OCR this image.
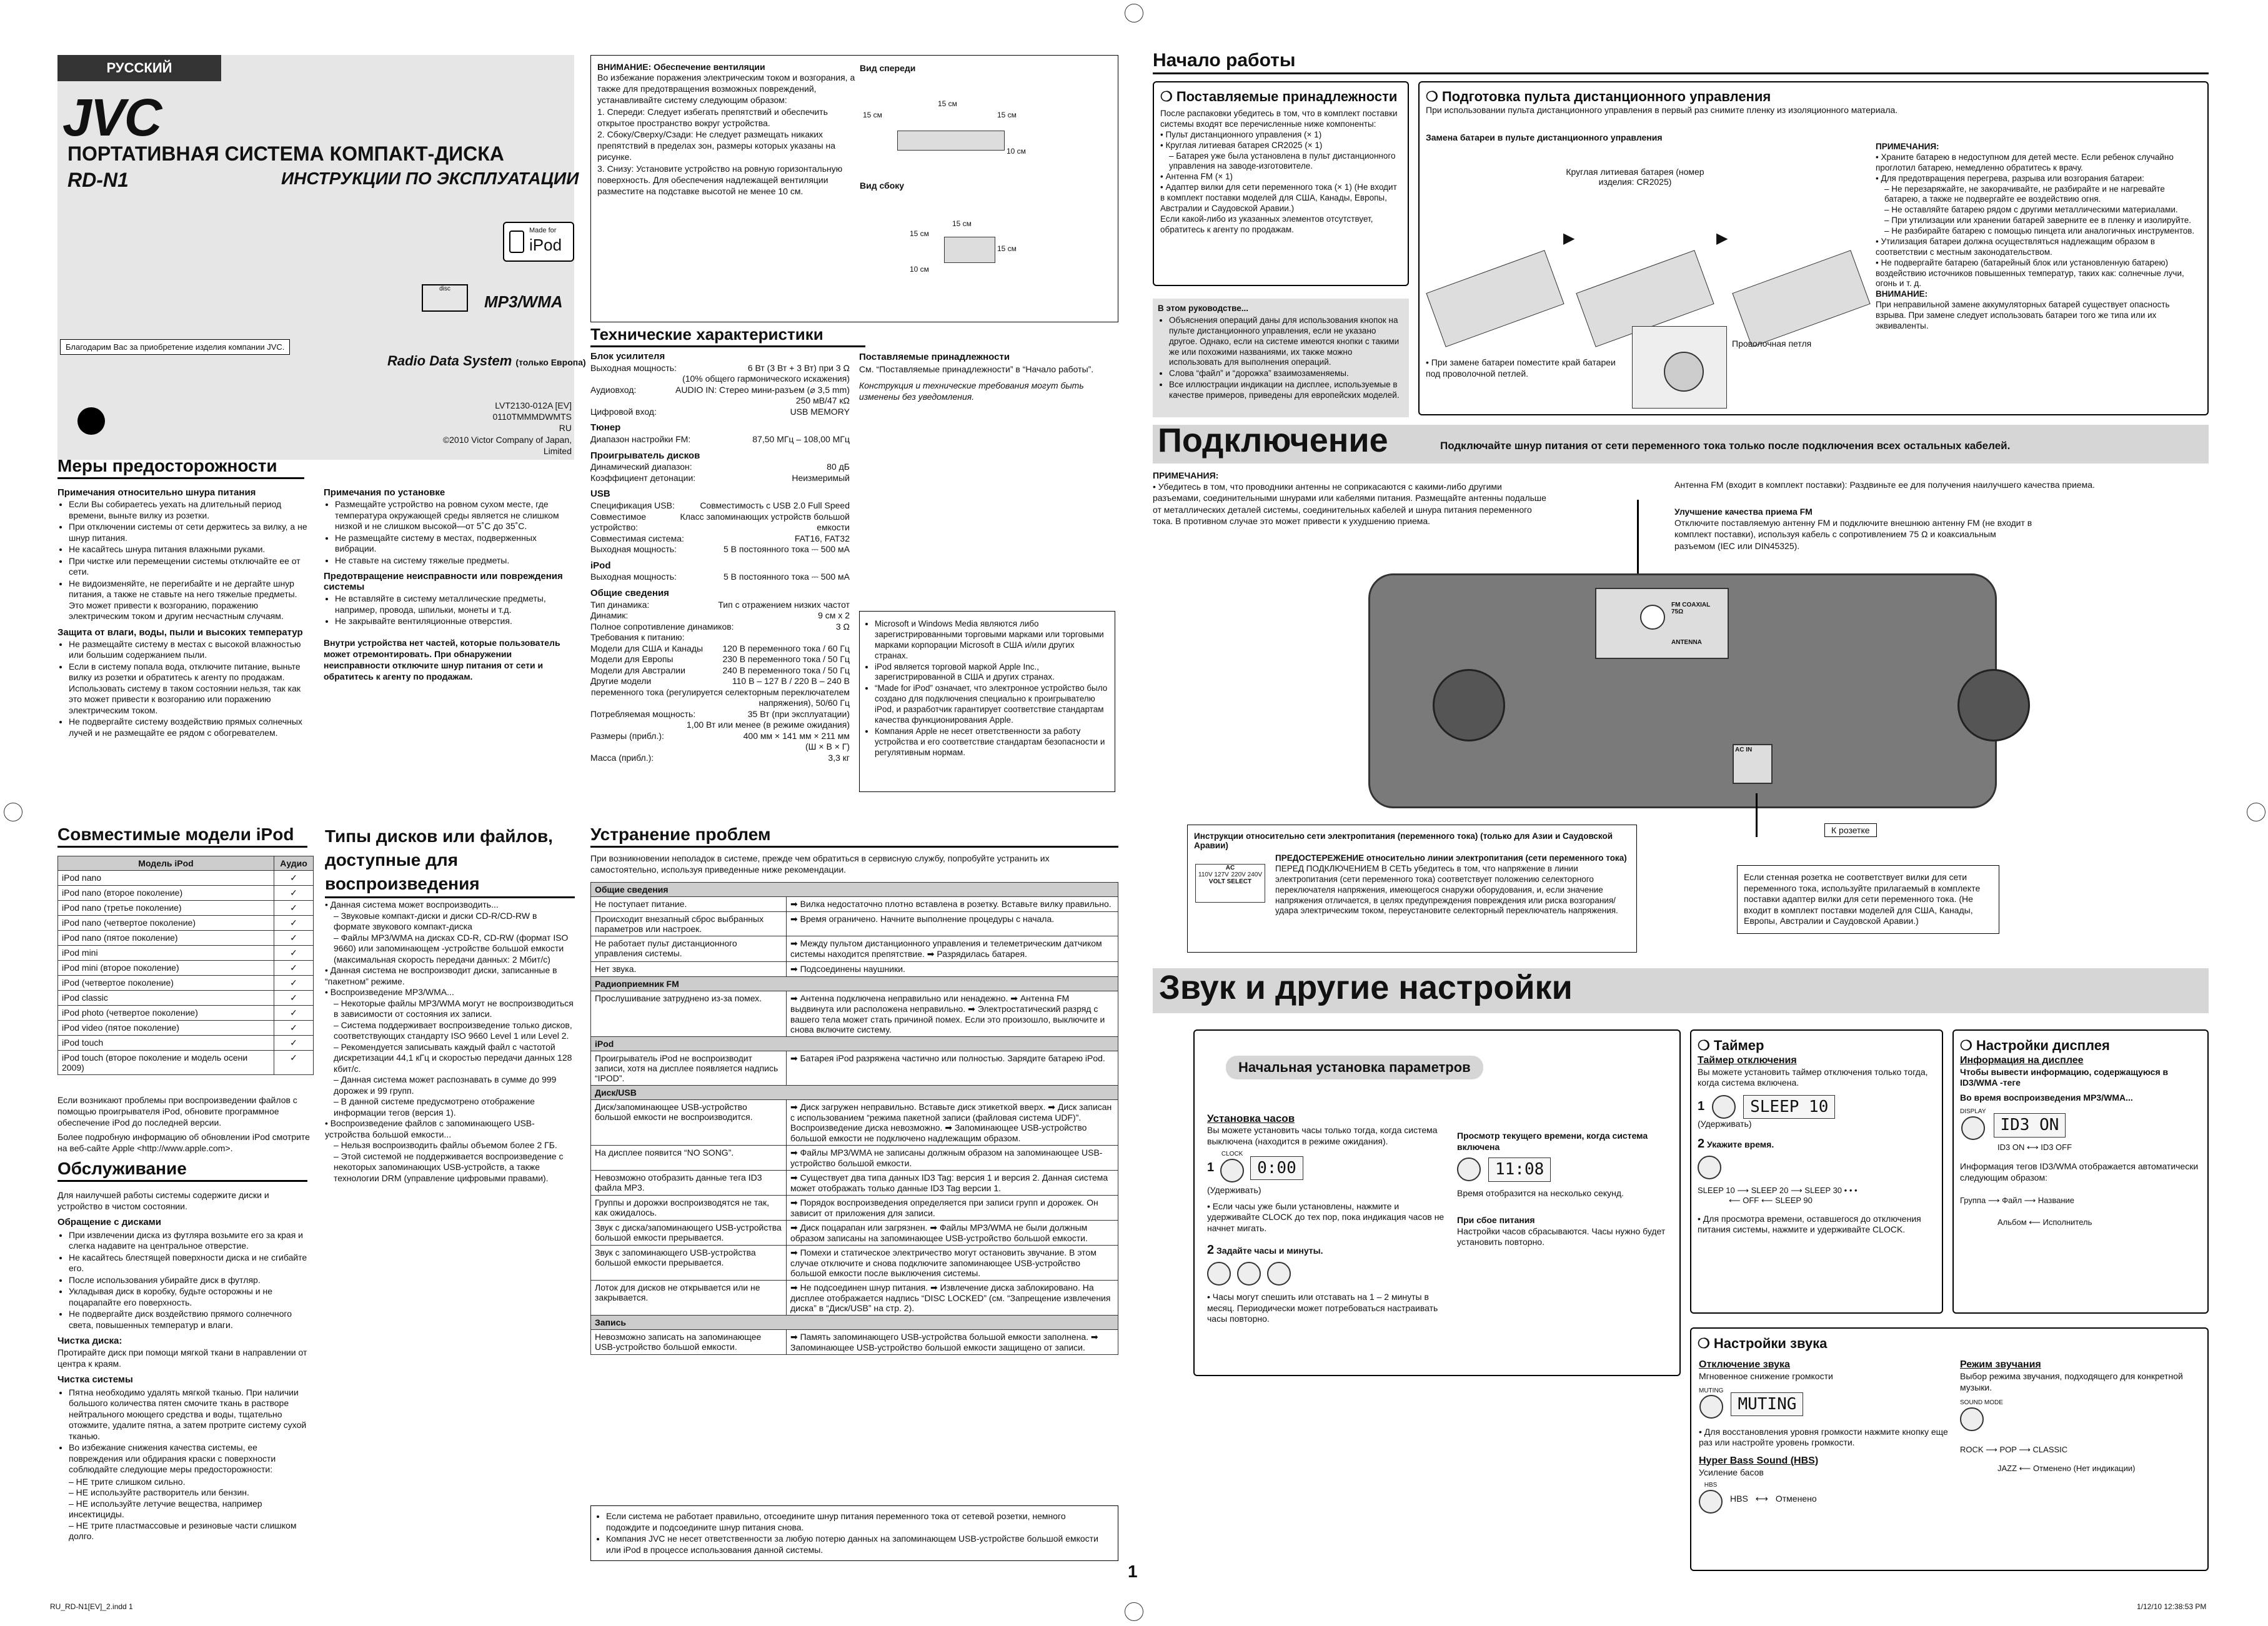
РУССКИЙ
JVC
ПОРТАТИВНАЯ СИСТЕМА КОМПАКТ-ДИСКА
RD-N1	ИНСТРУКЦИИ ПО ЭКСПЛУАТАЦИИ
Made for
iPod
disc
MP3/WMA
Благодарим Вас за приобретение изделия компании JVC.
Radio Data System (только Европа)
LVT2130-012A [EV]
0110TMMMDWMTS
RU
©2010 Victor Company of Japan, Limited
ВНИМАНИЕ: Обеспечение вентиляции
Во избежание поражения электрическим током и возгорания, а также для предотвращения возможных повреждений, устанавливайте систему следующим образом:
1. Спереди: Следует избегать препятствий и обеспечить открытое пространство вокруг устройства.
2. Сбоку/Сверху/Сзади: Не следует размещать никаких препятствий в пределах зон, размеры которых указаны на рисунке.
3. Снизу: Установите устройство на ровную горизонтальную поверхность. Для обеспечения надлежащей вентиляции разместите на подставке высотой не менее 10 см.
Вид спереди
15 см
15 см
15 см
10 см
Вид сбоку
15 см
15 см
15 см
10 см
Технические характеристики
Блок усилителя
Выходная мощность:	6 Вт (3 Вт + 3 Вт) при 3 Ω
(10% общего гармонического искажения)
Аудиовход:	AUDIO IN: Стерео мини-разъем (⌀ 3,5 mm)
250 мВ/47 кΩ
Цифровой вход:	USB MEMORY
Тюнер
Диапазон настройки FM:	87,50 МГц – 108,00 МГц
Проигрыватель дисков
Динамический диапазон:	80 дБ
Коэффициент детонации:	Неизмеримый
USB
Спецификация USB:	Совместимость с USB 2.0 Full Speed
Совместимое устройство:
Класс запоминающих устройств большой емкости
Совместимая система:	FAT16, FAT32
Выходная мощность:	5 В постоянного тока ⎓ 500 мА
iPod
Выходная мощность:	5 В постоянного тока ⎓ 500 мА
Общие сведения
Тип динамика:	Тип с отражением низких частот
Динамик:	9 см x 2
Полное сопротивление динамиков:	3 Ω
Требования к питанию:
Модели для США и Канады 120 В переменного тока / 60 Гц
Модели для Европы	230 В переменного тока / 50 Гц
Модели для Австралии	240 В переменного тока / 50 Гц
Другие модели	110 В – 127 В / 220 В – 240 В
переменного тока (регулируется селекторным переключателем напряжения), 50/60 Гц
Потребляемая мощность:	35 Вт (при эксплуатации)
1,00 Вт или менее (в режиме ожидания)
Размеры (прибл.):	400 мм × 141 мм × 211 мм
(Ш × В × Г)
Масса (прибл.):	3,3 кг
Поставляемые принадлежности
См. “Поставляемые принадлежности” в “Начало работы”.
Конструкция и технические требования могут быть изменены без уведомления.
• Microsoft и Windows Media являются либо зарегистрированными торговыми марками или торговыми марками корпорации Microsoft в США и/или других странах.
• iPod является торговой маркой Apple Inc., зарегистрированной в США и других странах.
• “Made for iPod” означает, что электронное устройство было создано для подключения специально к проигрывателю iPod, и разработчик гарантирует соответствие стандартам качества функционирования Apple.
• Компания Apple не несет ответственности за работу устройства и его соответствие стандартам безопасности и регулятивным нормам.
Меры предосторожности
Примечания относительно шнура питания
• Если Вы собираетесь уехать на длительный период времени, выньте вилку из розетки.
• При отключении системы от сети держитесь за вилку, а не шнур питания.
• Не касайтесь шнура питания влажными руками.
• При чистке или перемещении системы отключайте ее от сети.
• Не видоизменяйте, не перегибайте и не дергайте шнур питания, а также не ставьте на него тяжелые предметы. Это может привести к возгоранию, поражению электрическим током и другим несчастным случаям.
Защита от влаги, воды, пыли и высоких температур
• Не размещайте систему в местах с высокой влажностью или большим содержанием пыли.
• Если в систему попала вода, отключите питание, выньте вилку из розетки и обратитесь к агенту по продажам. Использовать систему в таком состоянии нельзя, так как это может привести к возгоранию или поражению электрическим током.
• Не подвергайте систему воздействию прямых солнечных лучей и не размещайте ее рядом с обогревателем.
Примечания по установке
• Размещайте устройство на ровном сухом месте, где температура окружающей среды является не слишком низкой и не слишком высокой—от 5˚C до 35˚C.
• Не размещайте систему в местах, подверженных вибрации.
• Не ставьте на систему тяжелые предметы.
Предотвращение неисправности или повреждения системы
• Не вставляйте в систему металлические предметы, например, провода, шпильки, монеты и т.д.
• Не закрывайте вентиляционные отверстия.
Внутри устройства нет частей, которые пользователь может отремонтировать. При обнаружении неисправности отключите шнур питания от сети и обратитесь к агенту по продажам.
Совместимые модели iPod
Модель iPod	Аудио
iPod nano	✓
iPod nano (второе поколение)	✓
iPod nano (третье поколение)	✓
iPod nano (четвертое поколение)	✓
iPod nano (пятое поколение)	✓
iPod mini	✓
iPod mini (второе поколение)	✓
iPod (четвертое поколение)	✓
iPod classic	✓
iPod photo (четвертое поколение)	✓
iPod video (пятое поколение)	✓
iPod touch	✓
iPod touch (второе поколение и модель осени 2009)	✓
Если возникают проблемы при воспроизведении файлов с помощью проигрывателя iPod, обновите программное обеспечение iPod до последней версии.
Более подробную информацию об обновлении iPod смотрите на веб-сайте Apple <http://www.apple.com>.
Обслуживание
Для наилучшей работы системы содержите диски и устройство в чистом состоянии.
Обращение с дисками
• При извлечении диска из футляра возьмите его за края и слегка надавите на центральное отверстие.
• Не касайтесь блестящей поверхности диска и не сгибайте его.
• После использования убирайте диск в футляр.
• Укладывая диск в коробку, будьте осторожны и не поцарапайте его поверхность.
• Не подвергайте диск воздействию прямого солнечного света, повышенных температур и влаги.
Чистка диска:
Протирайте диск при помощи мягкой ткани в направлении от центра к краям.
Чистка системы
• Пятна необходимо удалять мягкой тканью. При наличии большого количества пятен смочите ткань в растворе нейтрального моющего средства и воды, тщательно отожмите, удалите пятна, а затем протрите систему сухой тканью.
• Во избежание снижения качества системы, ее повреждения или обдирания краски с поверхности соблюдайте следующие меры предосторожности:
– НЕ трите слишком сильно.
– НЕ используйте растворитель или бензин.
– НЕ используйте летучие вещества, например инсектициды.
– НЕ трите пластмассовые и резиновые части слишком долго.
Типы дисков или файлов, доступные для воспроизведения
• Данная система может воспроизводить...
– Звуковые компакт-диски и диски CD-R/CD-RW в формате звукового компакт-диска
– Файлы MP3/WMA на дисках CD-R, CD-RW (формат ISO 9660) или запоминающем -устройстве большой емкости (максимальная скорость передачи данных: 2 Мбит/с)
• Данная система не воспроизводит диски, записанные в “пакетном” режиме.
• Воспроизведение MP3/WMA...
– Некоторые файлы MP3/WMA могут не воспроизводиться в зависимости от состояния их записи.
– Система поддерживает воспроизведение только дисков, соответствующих стандарту ISO 9660 Level 1 или Level 2.
– Рекомендуется записывать каждый файл с частотой дискретизации 44,1 кГц и скоростью передачи данных 128 кбит/с.
– Данная система может распознавать в сумме до 999 дорожек и 99 групп.
– В данной системе предусмотрено отображение информации тегов (версия 1).
• Воспроизведение файлов с запоминающего USB-устройства большой емкости...
– Нельзя воспроизводить файлы объемом более 2 ГБ.
– Этой системой не поддерживается воспроизведение с некоторых запоминающих USB-устройств, а также технологии DRM (управление цифровыми правами).
Устранение проблем
При возникновении неполадок в системе, прежде чем обратиться в сервисную службу, попробуйте устранить их самостоятельно, используя приведенные ниже рекомендации.
Общие сведения	
Не поступает питание.	➡ Вилка недостаточно плотно вставлена в розетку. Вставьте вилку правильно.
Происходит внезапный сброс выбранных параметров или настроек.	➡ Время ограничено. Начните выполнение процедуры с начала.
Не работает пульт дистанционного управления системы.	➡ Между пультом дистанционного управления и телеметрическим датчиком системы находится препятствие. ➡ Разрядилась батарея.
Нет звука.	➡ Подсоединены наушники.
Радиоприемник FM	
Прослушивание затруднено из-за помех.	➡ Антенна подключена неправильно или ненадежно. ➡ Антенна FM выдвинута или расположена неправильно. ➡ Электростатический разряд с вашего тела может стать причиной помех. Если это произошло, выключите и снова включите систему.
iPod	
Проигрыватель iPod не воспроизводит записи, хотя на дисплее появляется надпись “IPOD”.	➡ Батарея iPod разряжена частично или полностью. Зарядите батарею iPod.
Диск/USB	
Диск/запоминающее USB-устройство большой емкости не воспроизводится.	➡ Диск загружен неправильно. Вставьте диск этикеткой вверх. ➡ Диск записан с использованием “режима пакетной записи (файловая система UDF)”. Воспроизведение диска невозможно. ➡ Запоминающее USB-устройство большой емкости не подключено надлежащим образом.
На дисплее появится “NO SONG”.	➡ Файлы MP3/WMA не записаны должным образом на запоминающее USB-устройство большой емкости.
Невозможно отобразить данные тега ID3 файла MP3.	➡ Существует два типа данных ID3 Tag: версия 1 и версия 2. Данная система может отображать только данные ID3 Tag версии 1.
Группы и дорожки воспроизводятся не так, как ожидалось.	➡ Порядок воспроизведения определяется при записи групп и дорожек. Он зависит от приложения для записи.
Звук с диска/запоминающего USB-устройства большой емкости прерывается.	➡ Диск поцарапан или загрязнен. ➡ Файлы MP3/WMA не были должным образом записаны на запоминающее USB-устройство большой емкости.
Звук с запоминающего USB-устройства большой емкости прерывается.	➡ Помехи и статическое электричество могут остановить звучание. В этом случае отключите и снова подключите запоминающее USB-устройство большой емкости после выключения системы.
Лоток для дисков не открывается или не закрывается.	➡ Не подсоединен шнур питания. ➡ Извлечение диска заблокировано. На дисплее отображается надпись “DISC LOCKED” (см. “Запрещение извлечения диска” в “Диск/USB” на стр. 2).
Запись	
Невозможно записать на запоминающее USB-устройство большой емкости.	➡ Память запоминающего USB-устройства большой емкости заполнена. ➡ Запоминающее USB-устройство большой емкости защищено от записи.
• Если система не работает правильно, отсоедините шнур питания переменного тока от сетевой розетки, немного подождите и подсоедините шнур питания снова.
• Компания JVC не несет ответственности за любую потерю данных на запоминающем USB-устройстве большой емкости или iPod в процессе использования данной системы.
Начало работы
❍ Поставляемые принадлежности
После распаковки убедитесь в том, что в комплект поставки системы входят все перечисленные ниже компоненты:
• Пульт дистанционного управления (× 1)
• Круглая литиевая батарея CR2025 (× 1)
– Батарея уже была установлена в пульт дистанционного управления на заводе-изготовителе.
• Антенна FM (× 1)
• Адаптер вилки для сети переменного тока (× 1) (Не входит в комплект поставки моделей для США, Канады, Европы, Австралии и Саудовской Аравии.)
Если какой-либо из указанных элементов отсутствует, обратитесь к агенту по продажам.
В этом руководстве...
• Объяснения операций даны для использования кнопок на пульте дистанционного управления, если не указано другое. Однако, если на системе имеются кнопки с такими же или похожими названиями, их также можно использовать для выполнения операций.
• Слова “файл” и “дорожка” взаимозаменяемы.
• Все иллюстрации индикации на дисплее, используемые в качестве примеров, приведены для европейских моделей.
❍ Подготовка пульта дистанционного управления
При использовании пульта дистанционного управления в первый раз снимите пленку из изоляционного материала.
Замена батареи в пульте дистанционного управления
▶
Круглая литиевая батарея (номер изделия: CR2025)
▶
Проволочная петля
• При замене батареи поместите край батареи под проволочной петлей.
ПРИМЕЧАНИЯ:
• Храните батарею в недоступном для детей месте. Если ребенок случайно проглотил батарею, немедленно обратитесь к врачу.
• Для предотвращения перегрева, разрыва или возгорания батареи:
– Не перезаряжайте, не закорачивайте, не разбирайте и не нагревайте батарею, а также не подвергайте ее воздействию огня.
– Не оставляйте батарею рядом с другими металлическими материалами.
– При утилизации или хранении батарей заверните ее в пленку и изолируйте.
– Не разбирайте батарею с помощью пинцета или аналогичных инструментов.
• Утилизация батареи должна осуществляться надлежащим образом в соответствии с местным законодательством.
• Не подвергайте батарею (батарейный блок или установленную батарею) воздействию источников повышенных температур, таких как: солнечные лучи, огонь и т. д.
ВНИМАНИЕ:
При неправильной замене аккумуляторных батарей существует опасность взрыва. При замене следует использовать батареи того же типа или их эквиваленты.
Подключение	Подключайте шнур питания от сети переменного тока только после подключения всех остальных кабелей.
ПРИМЕЧАНИЯ:
• Убедитесь в том, что проводники антенны не соприкасаются с какими-либо другими разъемами, соединительными шнурами или кабелями питания. Размещайте антенны подальше от металлических деталей системы, соединительных кабелей и шнура питания переменного тока. В противном случае это может привести к ухудшению приема.
Антенна FM (входит в комплект поставки): Раздвиньте ее для получения наилучшего качества приема.
Улучшение качества приема FM
Отключите поставляемую антенну FM и подключите внешнюю антенну FM (не входит в комплект поставки), используя кабель с сопротивлением 75 Ω и коаксиальным разъемом (IEC или DIN45325).
FM COAXIAL 75Ω
ANTENNA
AC IN
К розетке
Инструкции относительно сети электропитания (переменного тока) (только для Азии и Саудовской Аравии)
AC
110V 127V 220V 240V
VOLT SELECT
ПРЕДОСТЕРЕЖЕНИЕ относительно линии электропитания (сети переменного тока)
ПЕРЕД ПОДКЛЮЧЕНИЕМ В СЕТЬ убедитесь в том, что напряжение в линии электропитания (сети переменного тока) соответствует положению селекторного переключателя напряжения, имеющегося снаружи оборудования, и, если значение напряжения отличается, в целях предупреждения повреждения или риска возгорания/удара электрическим током, переустановите селекторный переключатель напряжения.
Если стенная розетка не соответствует вилки для сети переменного тока, используйте прилагаемый в комплекте поставки адаптер вилки для сети переменного тока. (Не входит в комплект поставки моделей для США, Канады, Европы, Австралии и Саудовской Аравии.)
Звук и другие настройки
Начальная установка параметров
Установка часов
Вы можете установить часы только тогда, когда система выключена (находится в режиме ожидания).
1
CLOCK
0:00
(Удерживать)
• Если часы уже были установлены, нажмите и удерживайте CLOCK до тех пор, пока индикация часов не начнет мигать.
2 Задайте часы и минуты.
• Часы могут спешить или отставать на 1 – 2 минуты в месяц. Периодически может потребоваться настраивать часы повторно.
Просмотр текущего времени, когда система включена
11:08
Время отобразится на несколько секунд.
При сбое питания
Настройки часов сбрасываются. Часы нужно будет установить повторно.
❍ Таймер
Таймер отключения
Вы можете установить таймер отключения только тогда, когда система включена.
1	SLEEP 10
(Удерживать)
2 Укажите время.
SLEEP 10 ⟶ SLEEP 20 ⟶ SLEEP 30 • • •
⟵ OFF ⟵ SLEEP 90
• Для просмотра времени, оставшегося до отключения питания системы, нажмите и удерживайте CLOCK.
❍ Настройки дисплея
Информация на дисплее
Чтобы вывести информацию, содержащуюся в ID3/WMA -теге
Во время воспроизведения MP3/WMA...
DISPLAY
ID3 ON
ID3 ON ⟷ ID3 OFF
Информация тегов ID3/WMA отображается автоматически следующим образом:
Группа ⟶ Файл ⟶ Название
Альбом ⟵ Исполнитель
❍ Настройки звука
Отключение звука
Мгновенное снижение громкости
MUTING
MUTING
• Для восстановления уровня громкости нажмите кнопку еще раз или настройте уровень громкости.
Hyper Bass Sound (HBS)
Усиление басов
HBS
HBS ⟷ Отменено
Режим звучания
Выбор режима звучания, подходящего для конкретной музыки.
SOUND MODE
ROCK ⟶ POP ⟶ CLASSIC
JAZZ ⟵ Отменено (Нет индикации)
1
RU_RD-N1[EV]_2.indd 1	1/12/10 12:38:53 PM
